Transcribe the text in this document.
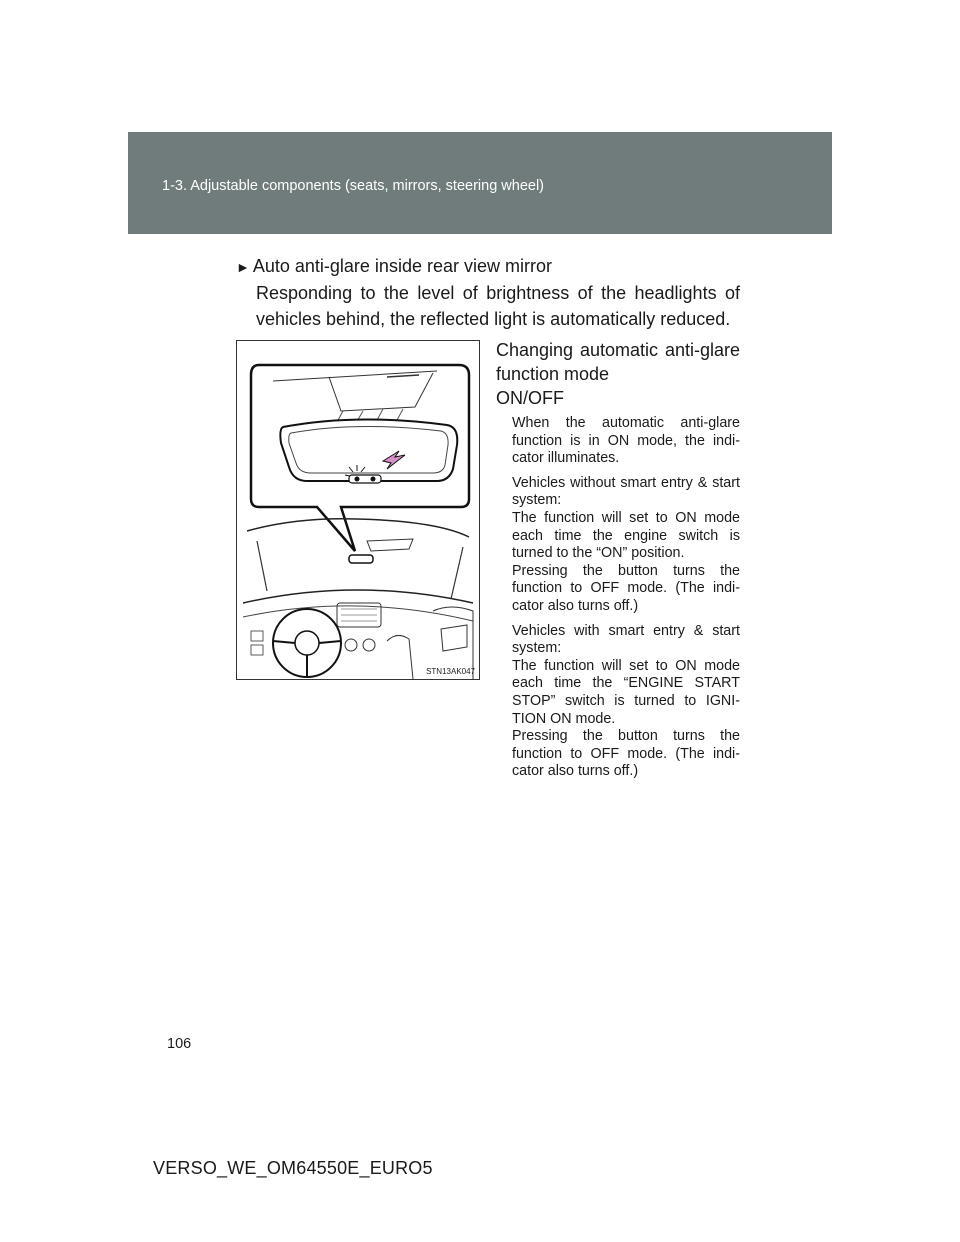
1-3. Adjustable components (seats, mirrors, steering wheel)
► Auto anti-glare inside rear view mirror
Responding to the level of brightness of the headlights of vehicles behind, the reflected light is automatically reduced.
STN13AK047
Changing automatic anti-glare
function mode
ON/OFF

When the automatic anti-glare function is in ON mode, the indi-cator illuminates.

Vehicles without smart entry & start system:
The function will set to ON mode each time the engine switch is turned to the “ON” position.
Pressing the button turns the function to OFF mode. (The indi-cator also turns off.)

Vehicles with smart entry & start system:
The function will set to ON mode each time the “ENGINE START STOP” switch is turned to IGNI-TION ON mode.
Pressing the button turns the function to OFF mode. (The indi-cator also turns off.)

106
VERSO_WE_OM64550E_EURO5
